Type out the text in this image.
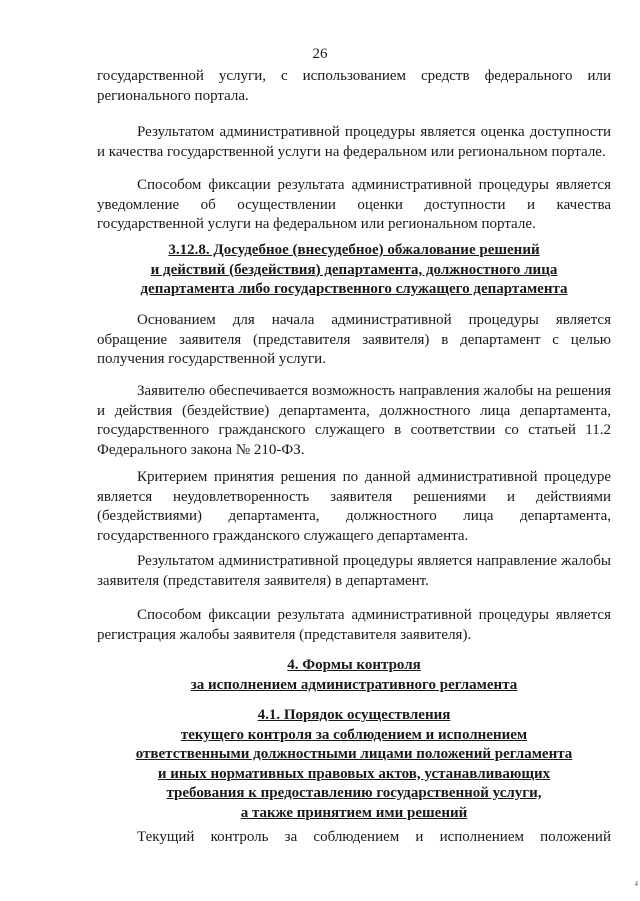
26

государственной услуги, с использованием средств федерального или регионального портала.

Результатом административной процедуры является оценка доступности и качества государственной услуги на федеральном или региональном портале.

Способом фиксации результата административной процедуры является уведомление об осуществлении оценки доступности и качества государственной услуги на федеральном или региональном портале.

3.12.8. Досудебное (внесудебное) обжалование решений
и действий (бездействия) департамента, должностного лица
департамента либо государственного служащего департамента

Основанием для начала административной процедуры является обращение заявителя (представителя заявителя) в департамент с целью получения государственной услуги.

Заявителю обеспечивается возможность направления жалобы на решения и действия (бездействие) департамента, должностного лица департамента, государственного гражданского служащего в соответствии со статьей 11.2 Федерального закона № 210-ФЗ.

Критерием принятия решения по данной административной процедуре является неудовлетворенность заявителя решениями и действиями (бездействиями) департамента, должностного лица департамента, государственного гражданского служащего департамента.

Результатом административной процедуры является направление жалобы заявителя (представителя заявителя) в департамент.

Способом фиксации результата административной процедуры является регистрация жалобы заявителя (представителя заявителя).

4. Формы контроля
за исполнением административного регламента
4.1. Порядок осуществления
текущего контроля за соблюдением и исполнением
ответственными должностными лицами положений регламента
и иных нормативных правовых актов, устанавливающих
требования к предоставлению государственной услуги,
а также принятием ими решений

Текущий контроль за соблюдением и исполнением положений

4
